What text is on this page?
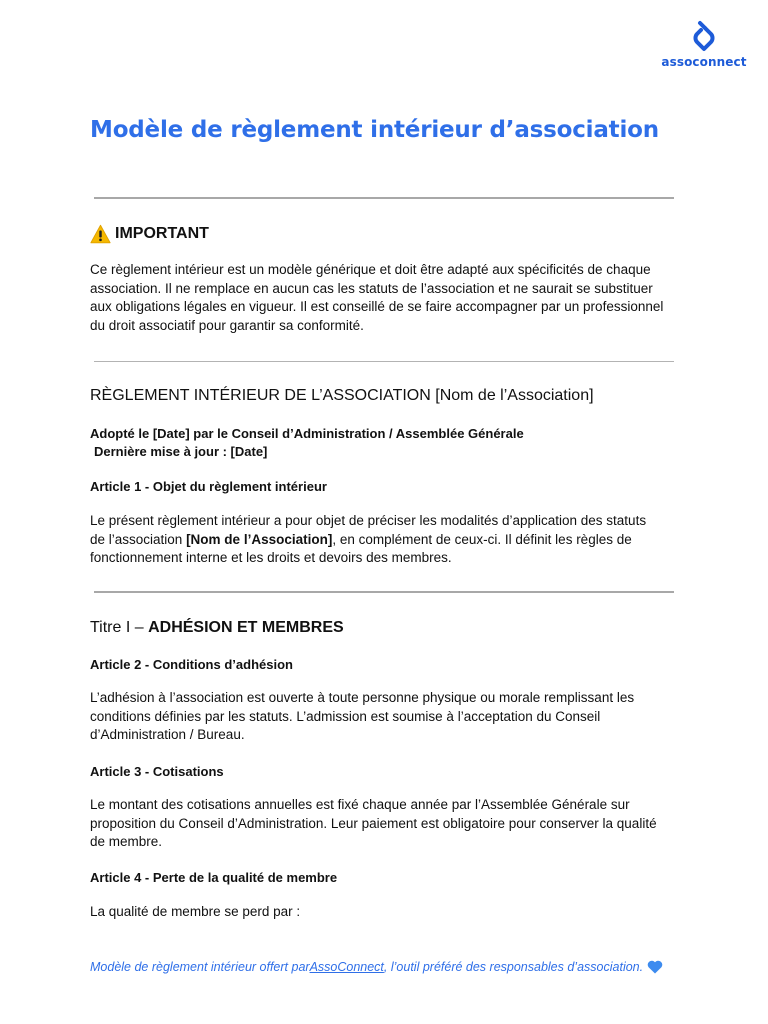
assoconnect
Modèle de règlement intérieur d’association
IMPORTANT
Ce règlement intérieur est un modèle générique et doit être adapté aux spécificités de chaque
association. Il ne remplace en aucun cas les statuts de l’association et ne saurait se substituer
aux obligations légales en vigueur. Il est conseillé de se faire accompagner par un professionnel
du droit associatif pour garantir sa conformité.
RÈGLEMENT INTÉRIEUR DE L’ASSOCIATION [Nom de l’Association]
Adopté le [Date] par le Conseil d’Administration / Assemblée Générale
Dernière mise à jour : [Date]
Article 1 - Objet du règlement intérieur
Le présent règlement intérieur a pour objet de préciser les modalités d’application des statuts
de l’association [Nom de l’Association], en complément de ceux-ci. Il définit les règles de
fonctionnement interne et les droits et devoirs des membres.
Titre I – ADHÉSION ET MEMBRES
Article 2 - Conditions d’adhésion
L’adhésion à l’association est ouverte à toute personne physique ou morale remplissant les
conditions définies par les statuts. L’admission est soumise à l’acceptation du Conseil
d’Administration / Bureau.
Article 3 - Cotisations
Le montant des cotisations annuelles est fixé chaque année par l’Assemblée Générale sur
proposition du Conseil d’Administration. Leur paiement est obligatoire pour conserver la qualité
de membre.
Article 4 - Perte de la qualité de membre
La qualité de membre se perd par :
Modèle de règlement intérieur offert par AssoConnect , l’outil préféré des responsables d’association.
